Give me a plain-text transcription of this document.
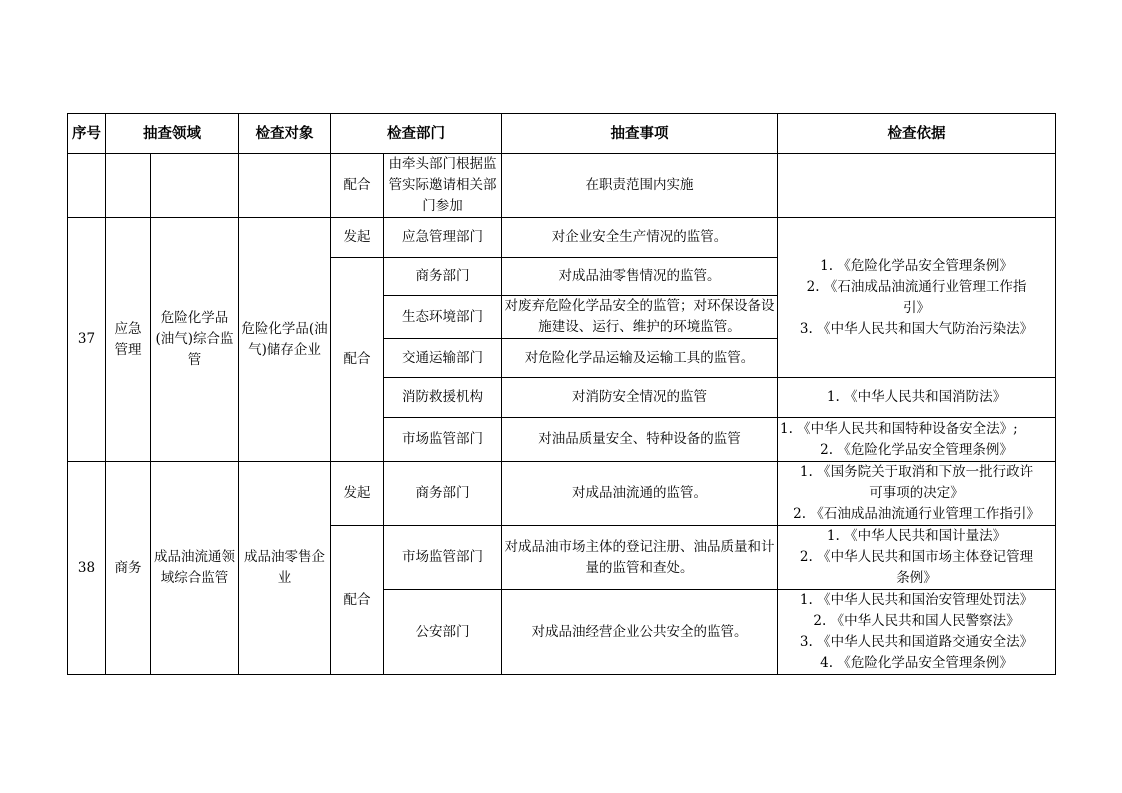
序号	抽查领域		检查对象	检查部门		抽查事项	检查依据
				配合	由牵头部门根据监管实际邀请相关部门参加	在职责范围内实施	
37	应急管理	危险化学品(油气)综合监管	危险化学品(油气)储存企业	发起	应急管理部门	对企业安全生产情况的监管。	1. 《危险化学品安全管理条例》
2. 《石油成品油流通行业管理工作指
引》
3. 《中华人民共和国大气防治污染法》

				配合	商务部门	对成品油零售情况的监管。	
					生态环境部门	对废弃危险化学品安全的监管；对环保设备设施建设、运行、维护的环境监管。	
					交通运输部门	对危险化学品运输及运输工具的监管。	
					消防救援机构	对消防安全情况的监管	1. 《中华人民共和国消防法》
					市场监管部门	对油品质量安全、特种设备的监管	1. 《中华人民共和国特种设备安全法》;
2. 《危险化学品安全管理条例》

38	商务	成品油流通领域综合监管	成品油零售企业	发起	商务部门	对成品油流通的监管。	1. 《国务院关于取消和下放一批行政许
可事项的决定》
2. 《石油成品油流通行业管理工作指引》

				配合	市场监管部门	对成品油市场主体的登记注册、油品质量和计量的监管和查处。	1. 《中华人民共和国计量法》
2. 《中华人民共和国市场主体登记管理
条例》

					公安部门	对成品油经营企业公共安全的监管。	1. 《中华人民共和国治安管理处罚法》
2. 《中华人民共和国人民警察法》
3. 《中华人民共和国道路交通安全法》
4. 《危险化学品安全管理条例》
